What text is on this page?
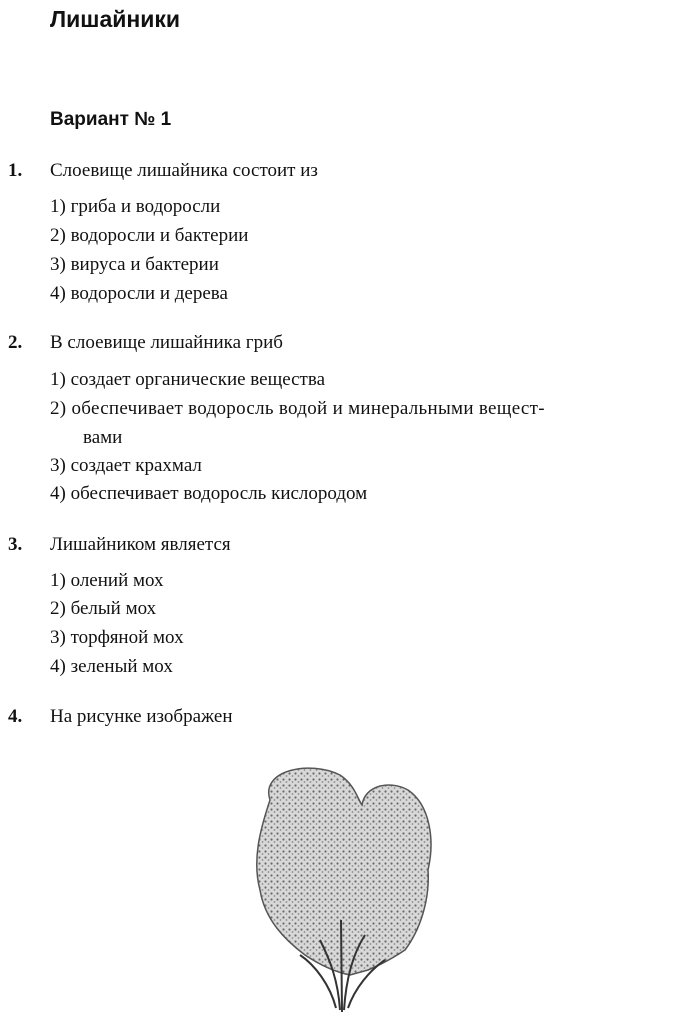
Лишайники
Вариант № 1
1. Слоевище лишайника состоит из
1) гриба и водоросли
2) водоросли и бактерии
3) вируса и бактерии
4) водоросли и дерева
2. В слоевище лишайника гриб
1) создает органические вещества
2) обеспечивает водоросль водой и минеральными вещест-
вами
3) создает крахмал
4) обеспечивает водоросль кислородом
3. Лишайником является
1) олений мох
2) белый мох
3) торфяной мох
4) зеленый мох
4. На рисунке изображен
